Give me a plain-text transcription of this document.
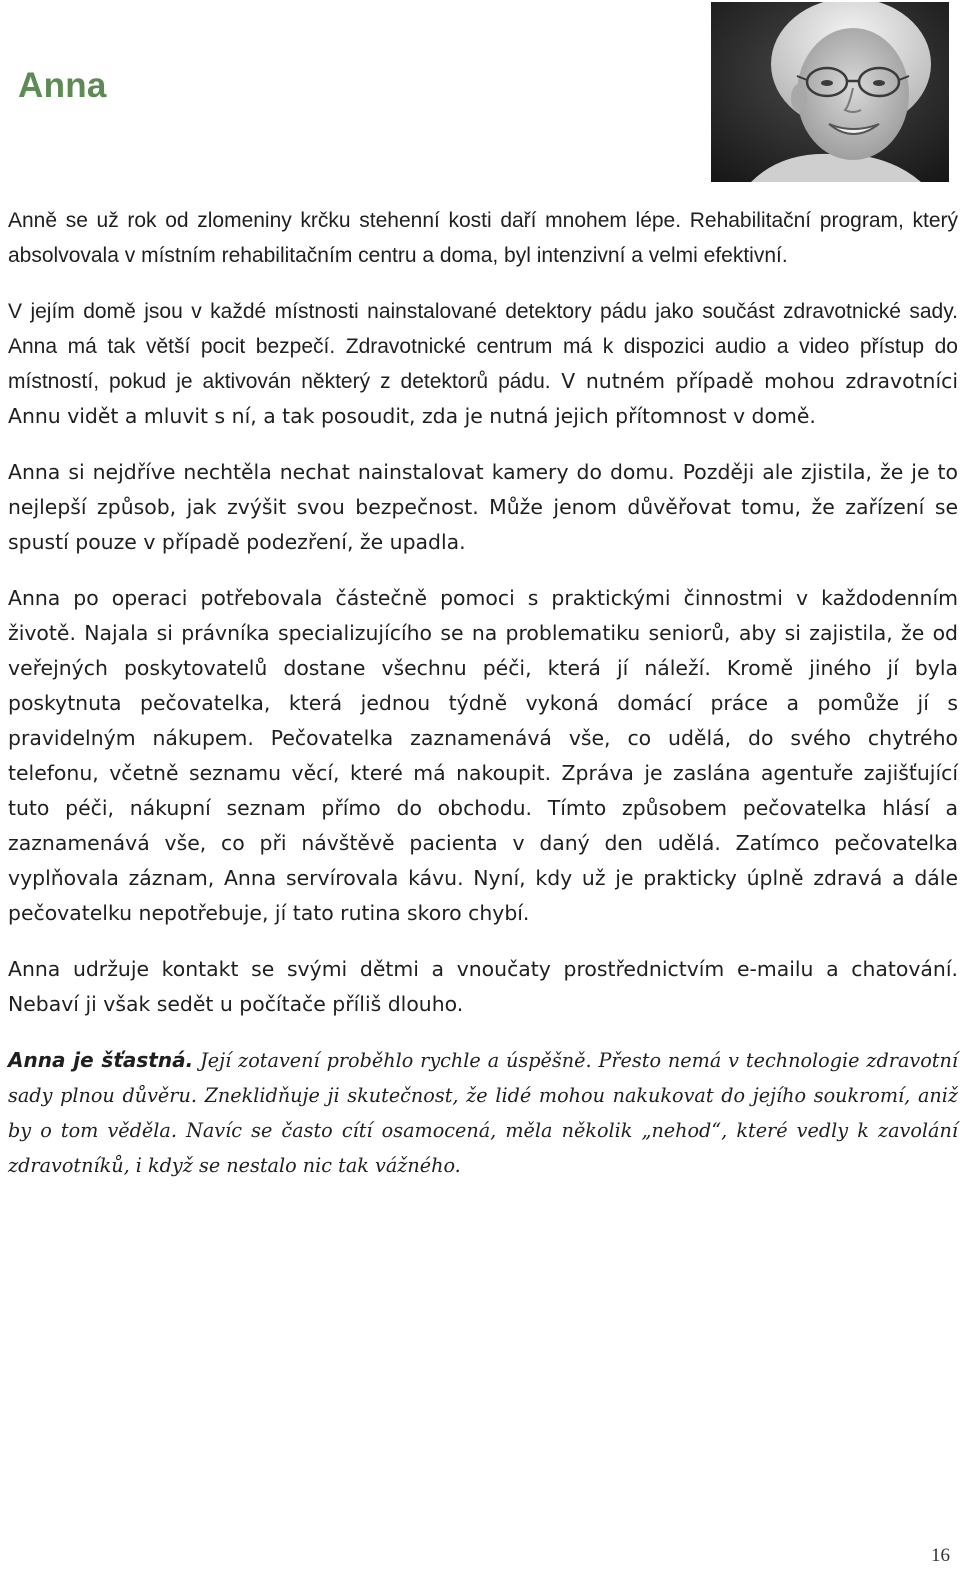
Anna

Anně se už rok od zlomeniny krčku stehenní kosti daří mnohem lépe. Rehabilitační program, který absolvovala v místním rehabilitačním centru a doma, byl intenzivní a velmi efektivní.

V jejím domě jsou v každé místnosti nainstalované detektory pádu jako součást zdravotnické sady. Anna má tak větší pocit bezpečí. Zdravotnické centrum má k dispozici audio a video přístup do místností, pokud je aktivován některý z detektorů pádu. V nutném případě mohou zdravotníci Annu vidět a mluvit s ní, a tak posoudit, zda je nutná jejich přítomnost v domě.

Anna si nejdříve nechtěla nechat nainstalovat kamery do domu. Později ale zjistila, že je to nejlepší způsob, jak zvýšit svou bezpečnost. Může jenom důvěřovat tomu, že zařízení se spustí pouze v případě podezření, že upadla.

Anna po operaci potřebovala částečně pomoci s praktickými činnostmi v každodenním životě. Najala si právníka specializujícího se na problematiku seniorů, aby si zajistila, že od veřejných poskytovatelů dostane všechnu péči, která jí náleží. Kromě jiného jí byla poskytnuta pečovatelka, která jednou týdně vykoná domácí práce a pomůže jí s pravidelným nákupem. Pečovatelka zaznamenává vše, co udělá, do svého chytrého telefonu, včetně seznamu věcí, které má nakoupit. Zpráva je zaslána agentuře zajišťující tuto péči, nákupní seznam přímo do obchodu. Tímto způsobem pečovatelka hlásí a zaznamenává vše, co při návštěvě pacienta v daný den udělá. Zatímco pečovatelka vyplňovala záznam, Anna servírovala kávu. Nyní, kdy už je prakticky úplně zdravá a dále pečovatelku nepotřebuje, jí tato rutina skoro chybí.

Anna udržuje kontakt se svými dětmi a vnoučaty prostřednictvím e-mailu a chatování. Nebaví ji však sedět u počítače příliš dlouho.

Anna je šťastná. Její zotavení proběhlo rychle a úspěšně. Přesto nemá v technologie zdravotní sady plnou důvěru. Zneklidňuje ji skutečnost, že lidé mohou nakukovat do jejího soukromí, aniž by o tom věděla. Navíc se často cítí osamocená, měla několik „nehod“, které vedly k zavolání zdravotníků, i když se nestalo nic tak vážného.

16
